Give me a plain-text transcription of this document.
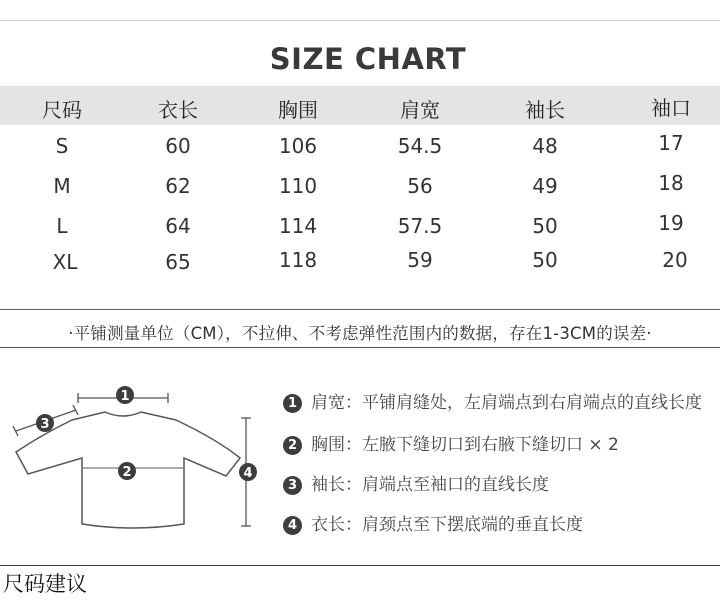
SIZE CHART
尺码	衣长	胸围	肩宽	袖长	袖口
S	60	106	54.5	48	17
M	62	110	56	49	18
L	64	114	57.5	50	19
XL	65	118	59	50	20
·平铺测量单位（CM），不拉伸、不考虑弹性范围内的数据，存在1-3CM的误差·
1
2
3
4
1 肩宽：平铺肩缝处，左肩端点到右肩端点的直线长度
2 胸围：左腋下缝切口到右腋下缝切口 × 2
3 袖长：肩端点至袖口的直线长度
4 衣长：肩颈点至下摆底端的垂直长度
尺码建议
